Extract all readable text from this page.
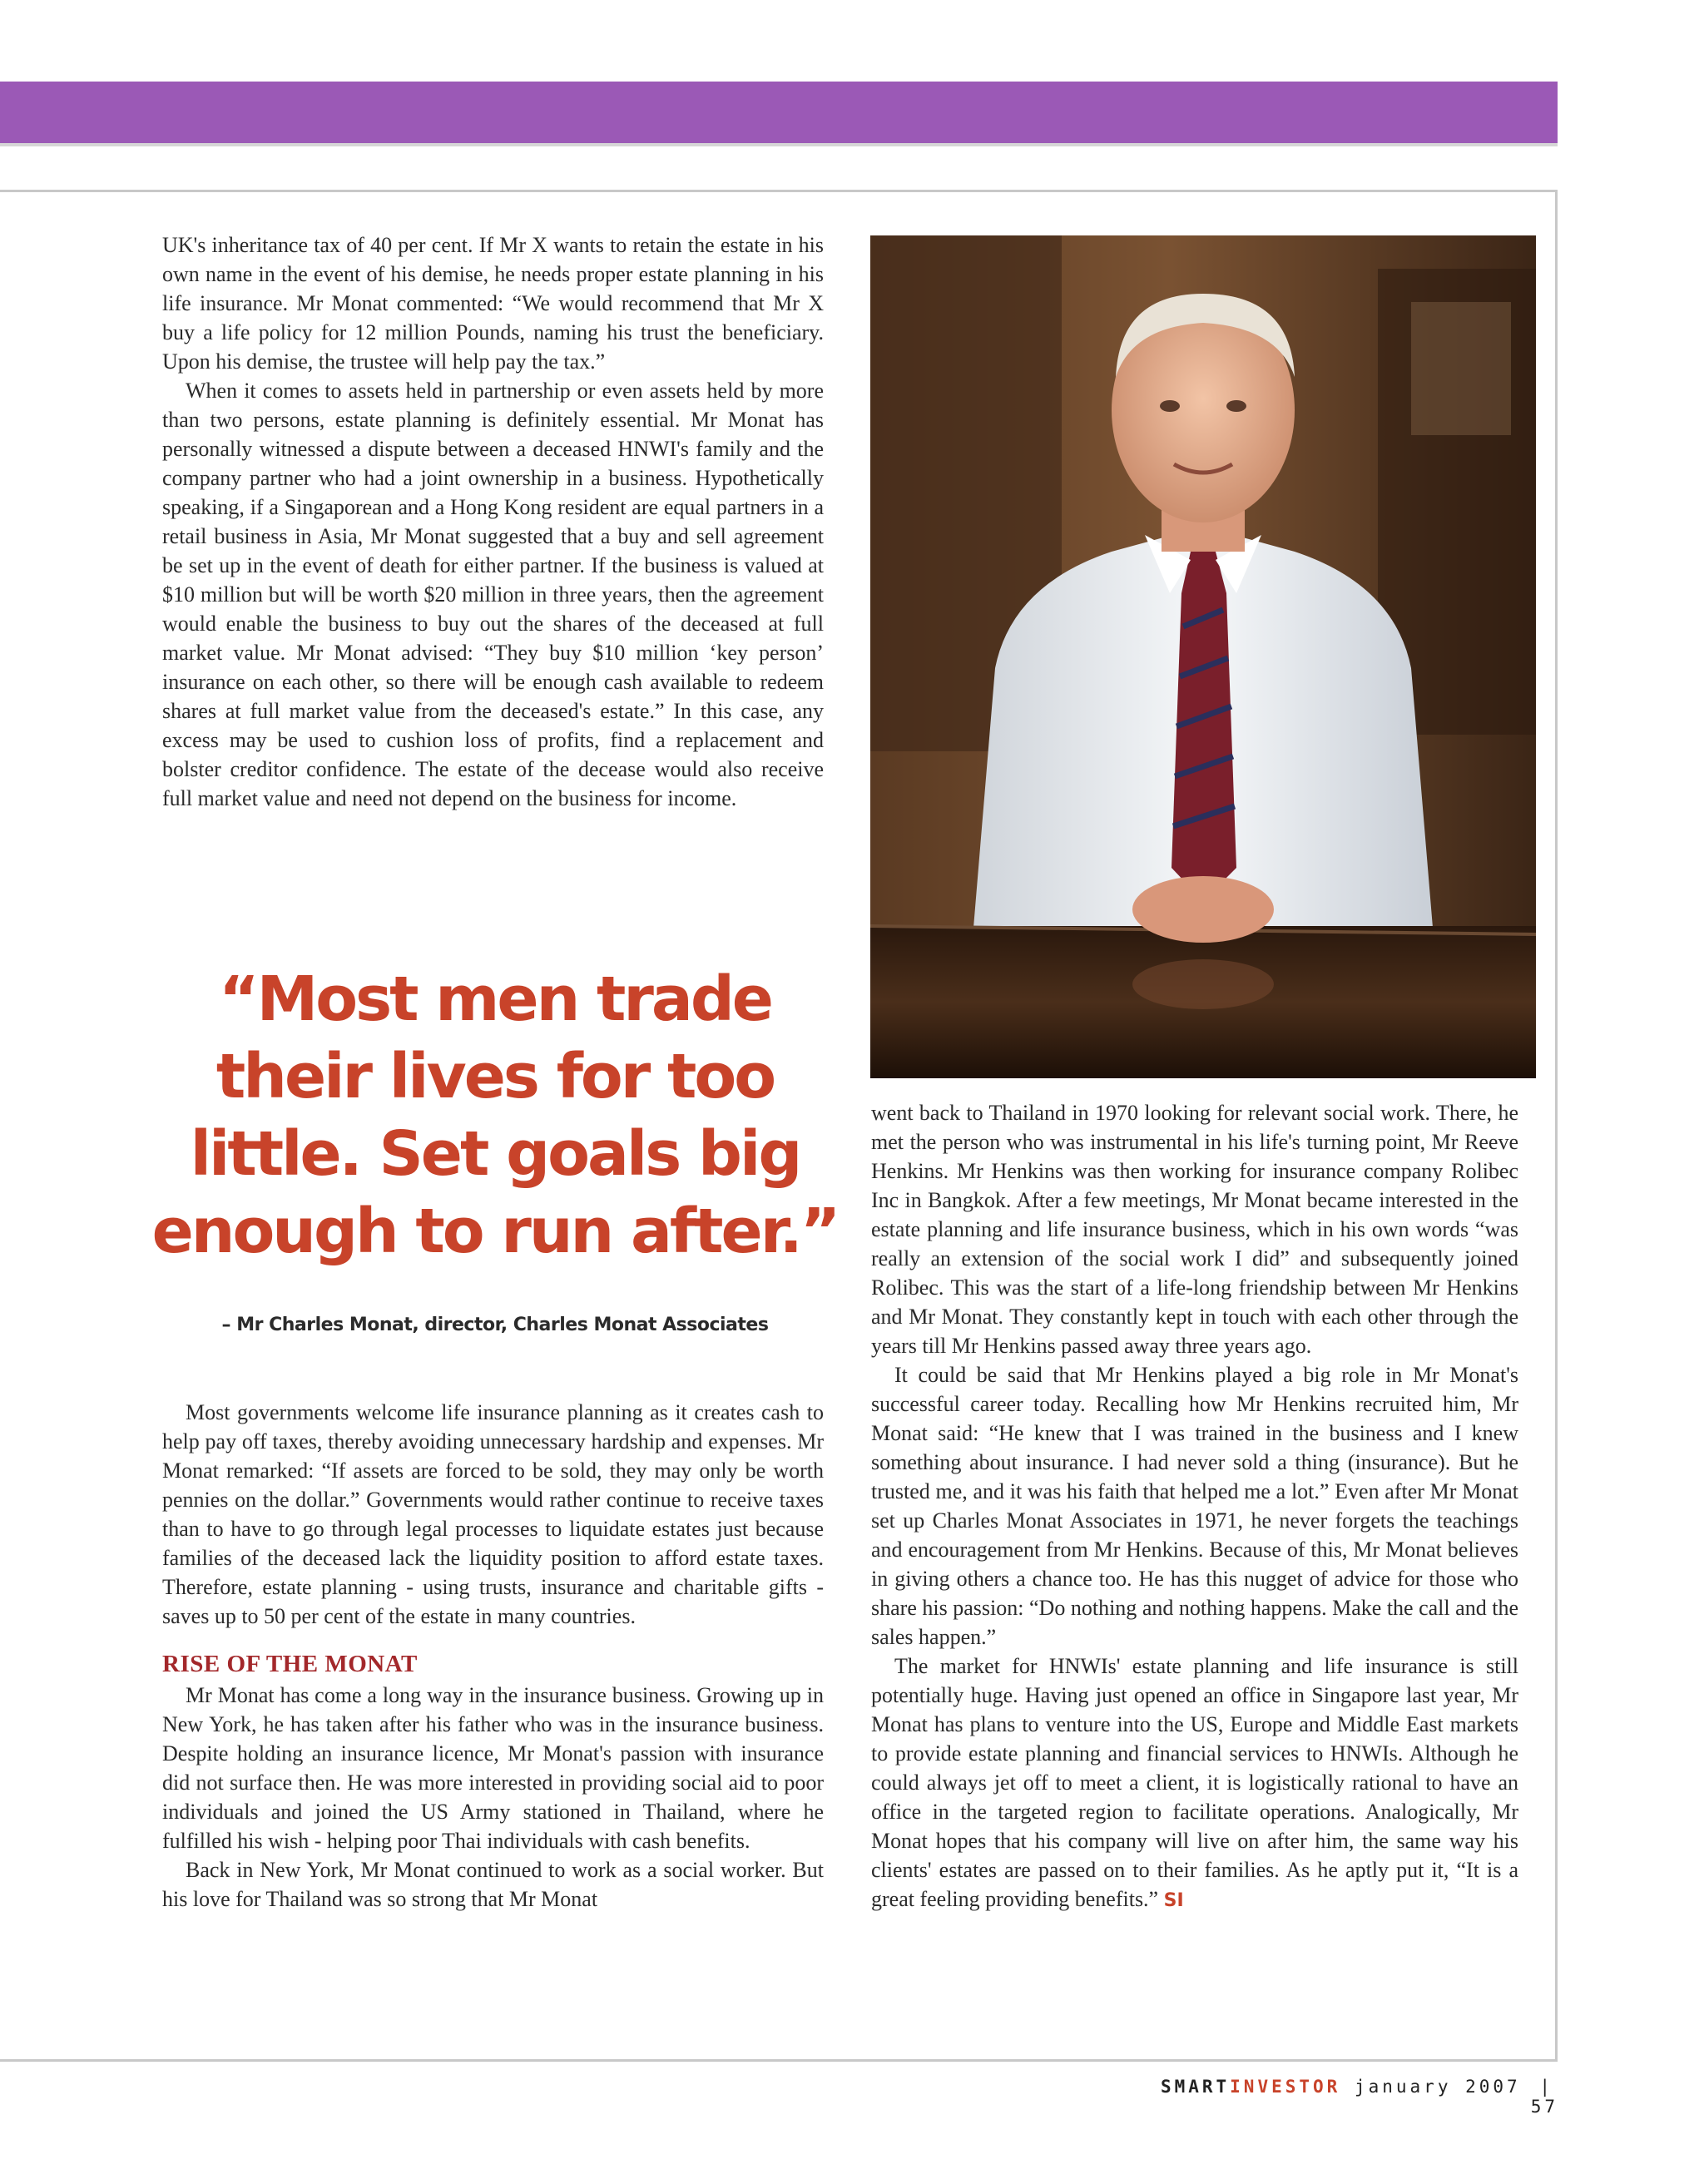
UK's inheritance tax of 40 per cent. If Mr X wants to retain the estate in his own name in the event of his demise, he needs proper estate planning in his life insurance. Mr Monat commented: “We would recommend that Mr X buy a life policy for 12 million Pounds, naming his trust the beneficiary. Upon his demise, the trustee will help pay the tax.”

When it comes to assets held in partnership or even assets held by more than two persons, estate planning is definitely essential. Mr Monat has personally witnessed a dispute between a deceased HNWI's family and the company partner who had a joint ownership in a business. Hypothetically speaking, if a Singaporean and a Hong Kong resident are equal partners in a retail business in Asia, Mr Monat suggested that a buy and sell agreement be set up in the event of death for either partner. If the business is valued at $10 million but will be worth $20 million in three years, then the agreement would enable the business to buy out the shares of the deceased at full market value. Mr Monat advised: “They buy $10 million ‘key person’ insurance on each other, so there will be enough cash available to redeem shares at full market value from the deceased's estate.” In this case, any excess may be used to cushion loss of profits, find a replacement and bolster creditor confidence. The estate of the decease would also receive full market value and need not depend on the business for income.

“Most men trade their lives for too little. Set goals big enough to run after.”
– Mr Charles Monat, director, Charles Monat Associates

Most governments welcome life insurance planning as it creates cash to help pay off taxes, thereby avoiding unnecessary hardship and expenses. Mr Monat remarked: “If assets are forced to be sold, they may only be worth pennies on the dollar.” Governments would rather continue to receive taxes than to have to go through legal processes to liquidate estates just because families of the deceased lack the liquidity position to afford estate taxes. Therefore, estate planning - using trusts, insurance and charitable gifts - saves up to 50 per cent of the estate in many countries.

RISE OF THE MONAT

Mr Monat has come a long way in the insurance business. Growing up in New York, he has taken after his father who was in the insurance business. Despite holding an insurance licence, Mr Monat's passion with insurance did not surface then. He was more interested in providing social aid to poor individuals and joined the US Army stationed in Thailand, where he fulfilled his wish - helping poor Thai individuals with cash benefits.

Back in New York, Mr Monat continued to work as a social worker. But his love for Thailand was so strong that Mr Monat

went back to Thailand in 1970 looking for relevant social work. There, he met the person who was instrumental in his life's turning point, Mr Reeve Henkins. Mr Henkins was then working for insurance company Rolibec Inc in Bangkok. After a few meetings, Mr Monat became interested in the estate planning and life insurance business, which in his own words “was really an extension of the social work I did” and subsequently joined Rolibec. This was the start of a life-long friendship between Mr Henkins and Mr Monat. They constantly kept in touch with each other through the years till Mr Henkins passed away three years ago.

It could be said that Mr Henkins played a big role in Mr Monat's successful career today. Recalling how Mr Henkins recruited him, Mr Monat said: “He knew that I was trained in the business and I knew something about insurance. I had never sold a thing (insurance). But he trusted me, and it was his faith that helped me a lot.” Even after Mr Monat set up Charles Monat Associates in 1971, he never forgets the teachings and encouragement from Mr Henkins. Because of this, Mr Monat believes in giving others a chance too. He has this nugget of advice for those who share his passion: “Do nothing and nothing happens. Make the call and the sales happen.”

The market for HNWIs' estate planning and life insurance is still potentially huge. Having just opened an office in Singapore last year, Mr Monat has plans to venture into the US, Europe and Middle East markets to provide estate planning and financial services to HNWIs. Although he could always jet off to meet a client, it is logistically rational to have an office in the targeted region to facilitate operations. Analogically, Mr Monat hopes that his company will live on after him, the same way his clients' estates are passed on to their families. As he aptly put it, “It is a great feeling providing benefits.” SI

SMARTINVESTOR january 2007 | 57
